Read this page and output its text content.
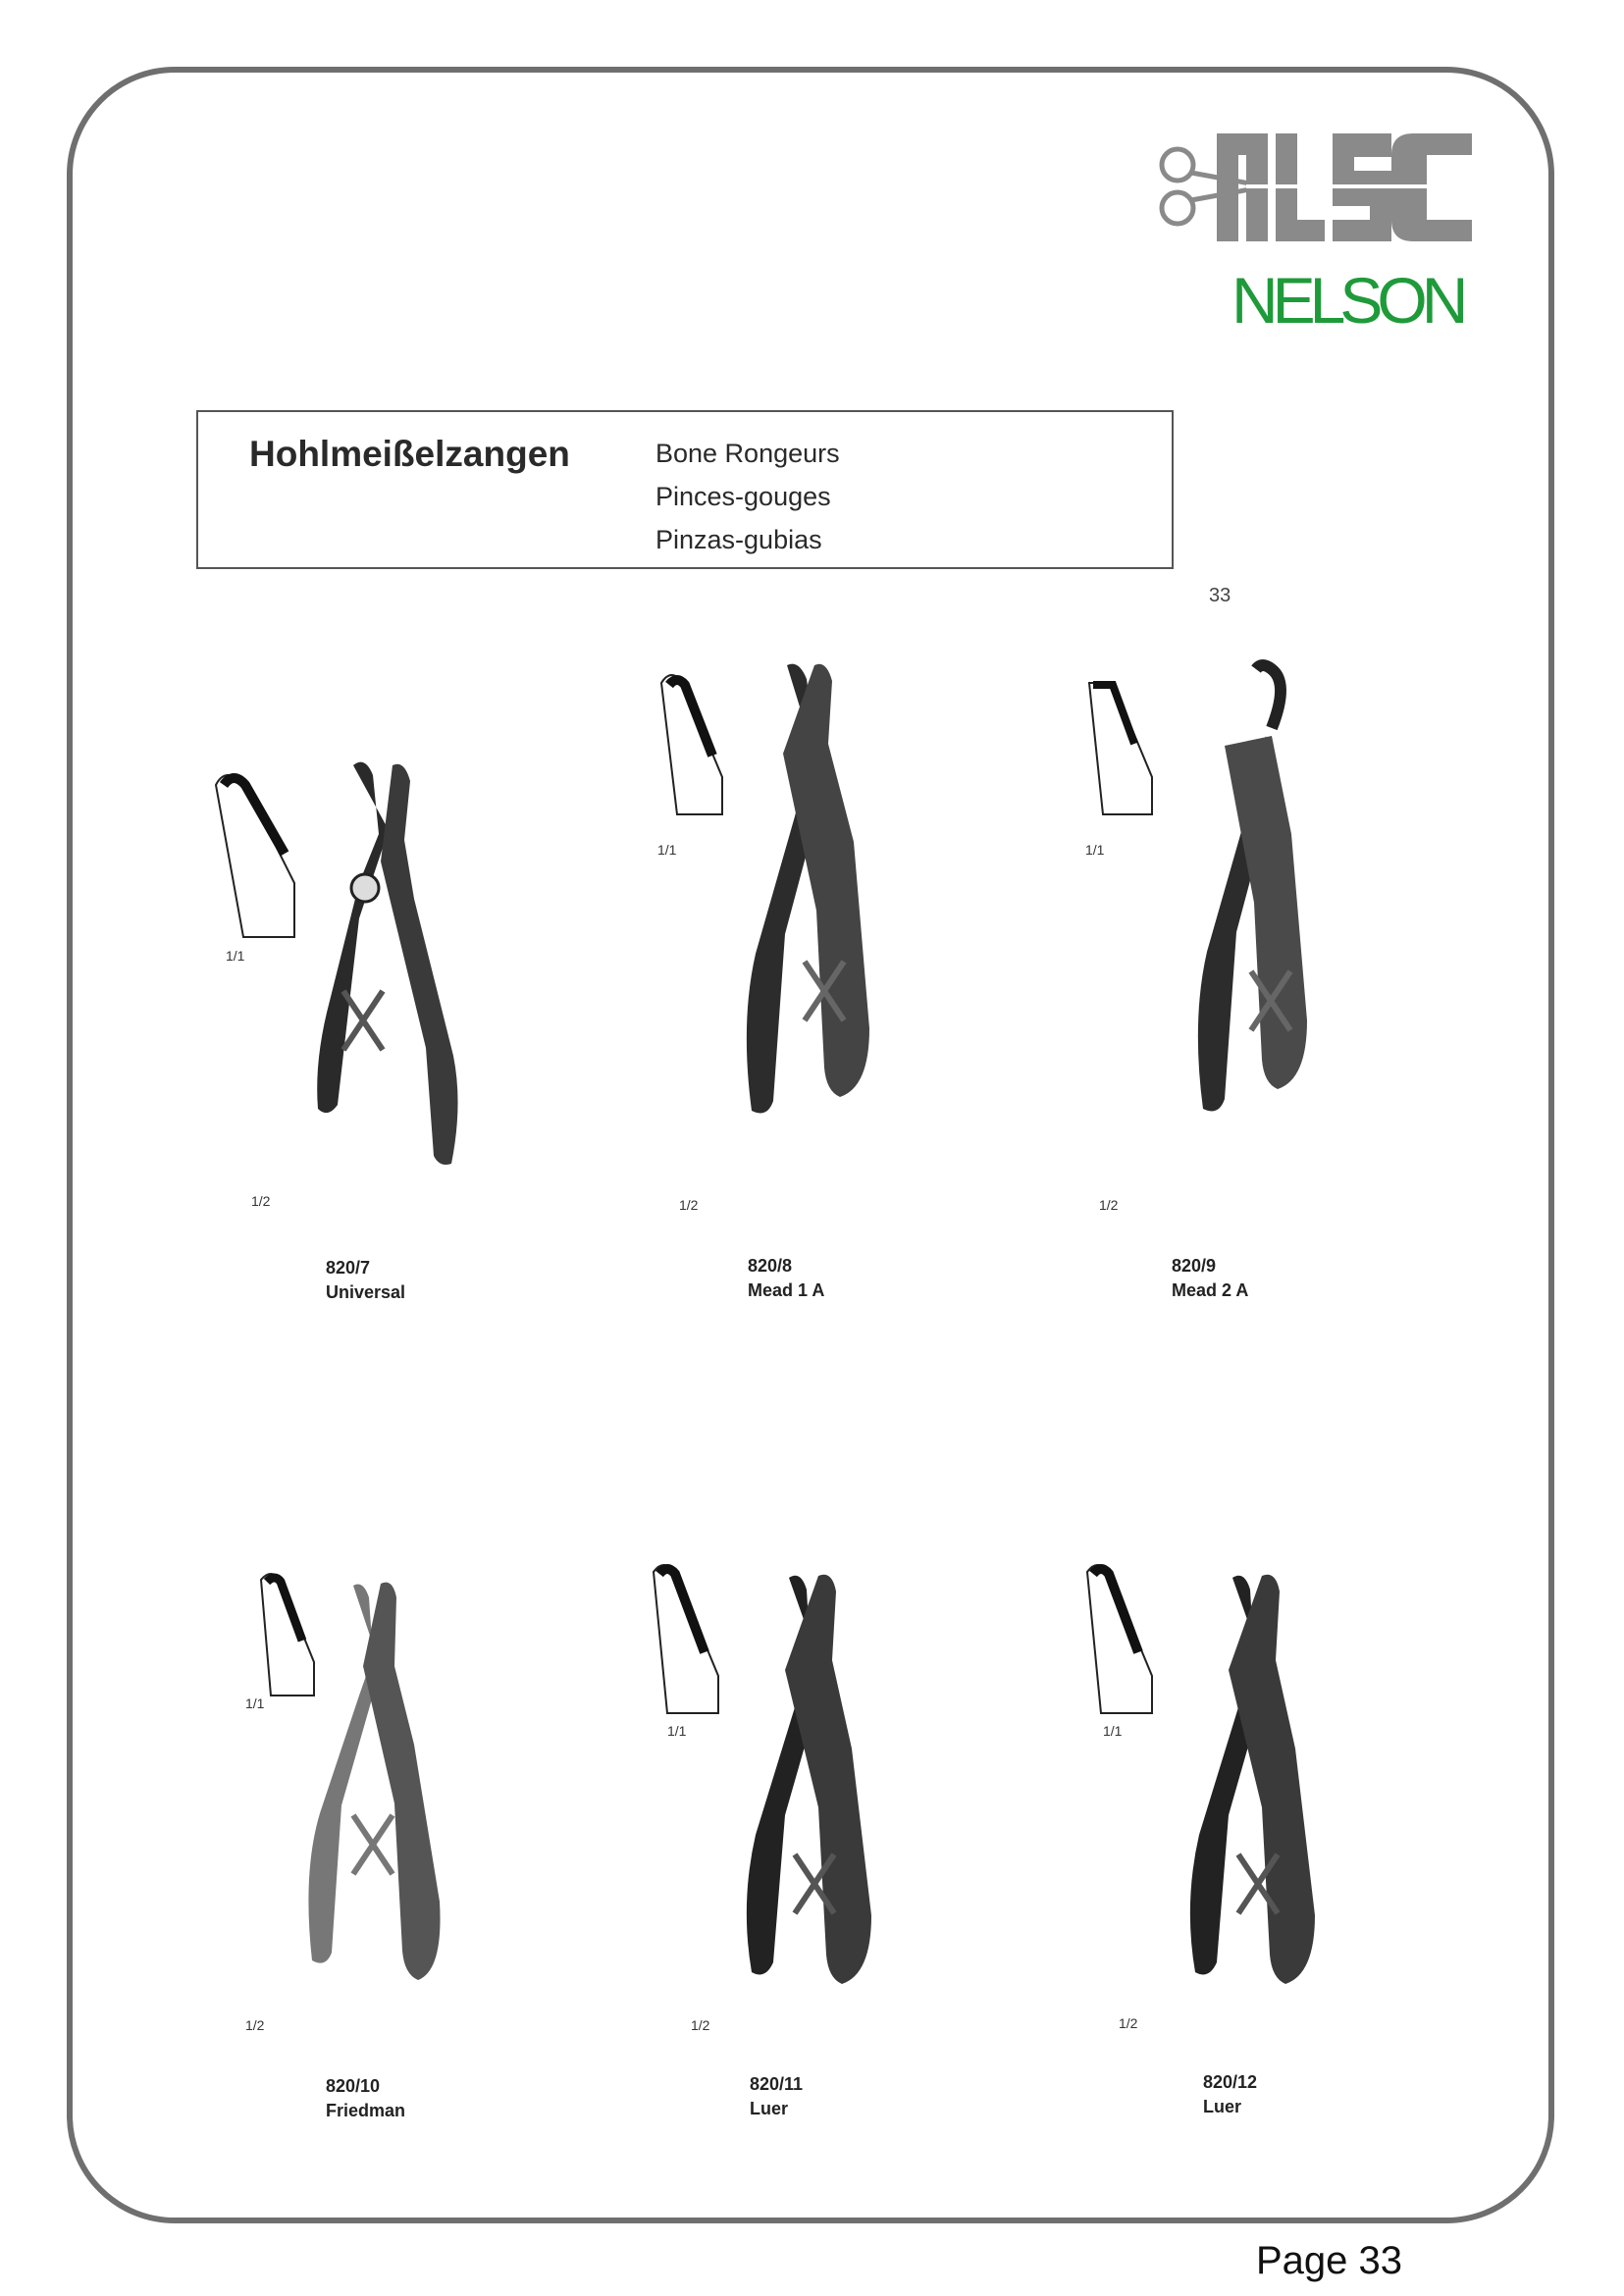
NELSON
Hohlmeißelzangen	Bone Rongeurs
Pinces-gouges
Pinzas-gubias
33
1/1
1/2
820/7
Universal
1/1
1/2
820/8
Mead 1 A
1/1
1/2
820/9
Mead 2 A
1/1
1/2
820/10
Friedman
1/1
1/2
820/11
Luer
1/1
1/2
820/12
Luer
Page 33
